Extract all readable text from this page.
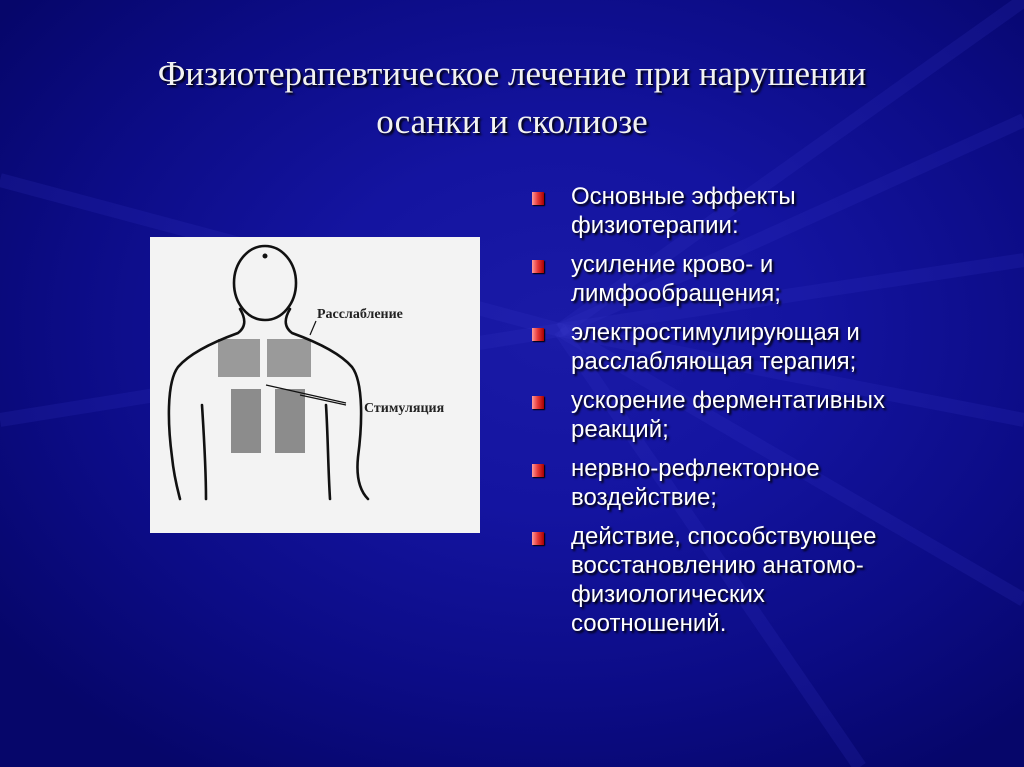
Физиотерапевтическое лечение при нарушении
осанки и сколиозе
Расслабление
Стимуляция
Основные эффекты
физиотерапии:
усиление крово- и
лимфообращения;
электростимулирующая и
расслабляющая терапия;
ускорение ферментативных
реакций;
нервно-рефлекторное
воздействие;
действие, способствующее
восстановлению анатомо-
физиологических
соотношений.
